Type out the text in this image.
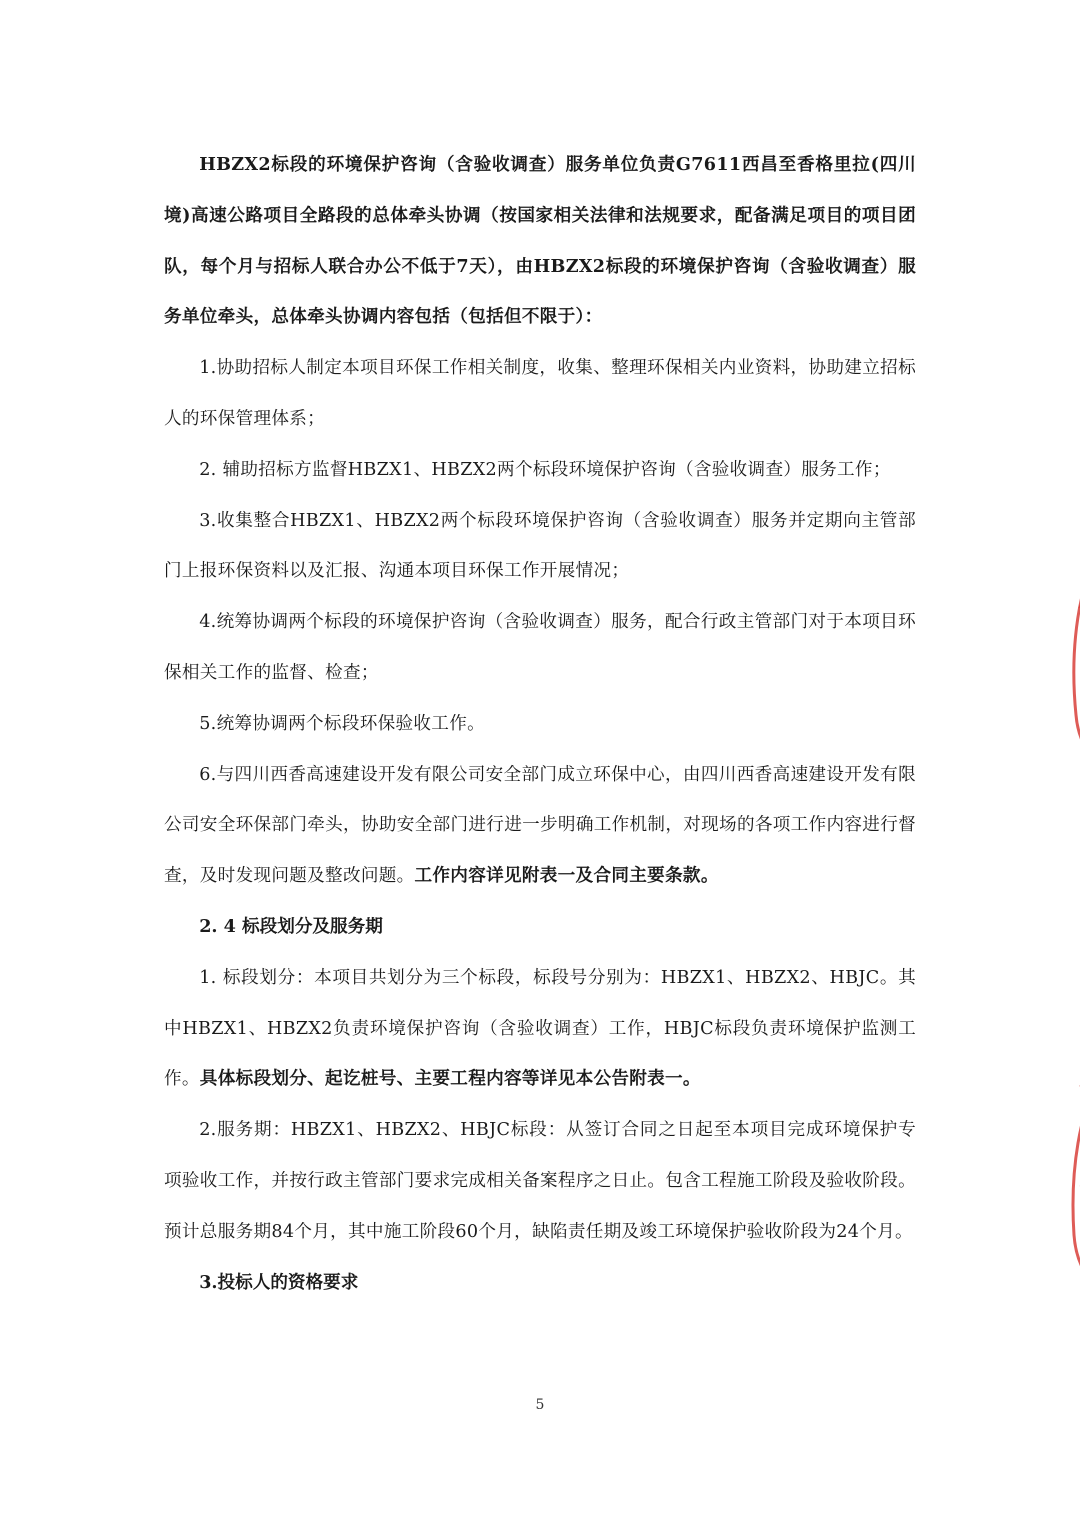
HBZX2标段的环境保护咨询（含验收调查）服务单位负责G7611西昌至香格里拉(四川境)高速公路项目全路段的总体牵头协调（按国家相关法律和法规要求，配备满足项目的项目团队，每个月与招标人联合办公不低于7天），由HBZX2标段的环境保护咨询（含验收调查）服务单位牵头，总体牵头协调内容包括（包括但不限于）：

1.协助招标人制定本项目环保工作相关制度，收集、整理环保相关内业资料，协助建立招标人的环保管理体系；

2. 辅助招标方监督HBZX1、HBZX2两个标段环境保护咨询（含验收调查）服务工作；

3.收集整合HBZX1、HBZX2两个标段环境保护咨询（含验收调查）服务并定期向主管部门上报环保资料以及汇报、沟通本项目环保工作开展情况；

4.统筹协调两个标段的环境保护咨询（含验收调查）服务，配合行政主管部门对于本项目环保相关工作的监督、检查；

5.统筹协调两个标段环保验收工作。

6.与四川西香高速建设开发有限公司安全部门成立环保中心，由四川西香高速建设开发有限公司安全环保部门牵头，协助安全部门进行进一步明确工作机制，对现场的各项工作内容进行督查，及时发现问题及整改问题。工作内容详见附表一及合同主要条款。

2. 4 标段划分及服务期

1. 标段划分：本项目共划分为三个标段，标段号分别为：HBZX1、HBZX2、HBJC。其中HBZX1、HBZX2负责环境保护咨询（含验收调查）工作，HBJC标段负责环境保护监测工作。具体标段划分、起讫桩号、主要工程内容等详见本公告附表一。

2.服务期：HBZX1、HBZX2、HBJC标段：从签订合同之日起至本项目完成环境保护专项验收工作，并按行政主管部门要求完成相关备案程序之日止。包含工程施工阶段及验收阶段。预计总服务期84个月，其中施工阶段60个月，缺陷责任期及竣工环境保护验收阶段为24个月。

3.投标人的资格要求

5
